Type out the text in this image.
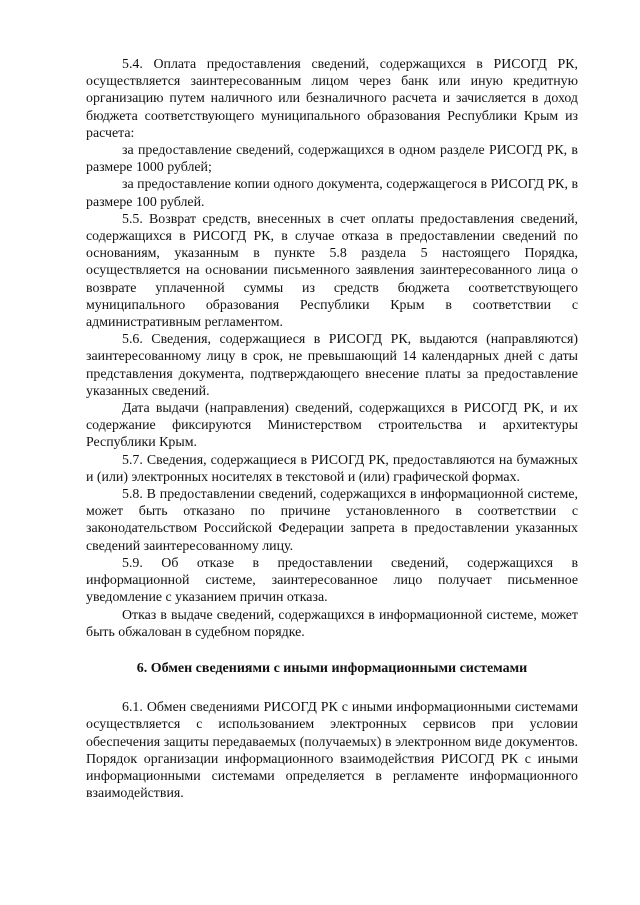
5.4. Оплата предоставления сведений, содержащихся в РИСОГД РК, осуществляется заинтересованным лицом через банк или иную кредитную организацию путем наличного или безналичного расчета и зачисляется в доход бюджета соответствующего муниципального образования Республики Крым из расчета:

за предоставление сведений, содержащихся в одном разделе РИСОГД РК, в размере 1000 рублей;

за предоставление копии одного документа, содержащегося в РИСОГД РК, в размере 100 рублей.

5.5. Возврат средств, внесенных в счет оплаты предоставления сведений, содержащихся в РИСОГД РК, в случае отказа в предоставлении сведений по основаниям, указанным в пункте 5.8 раздела 5 настоящего Порядка, осуществляется на основании письменного заявления заинтересованного лица о возврате уплаченной суммы из средств бюджета соответствующего муниципального образования Республики Крым в соответствии с административным регламентом.

5.6. Сведения, содержащиеся в РИСОГД РК, выдаются (направляются) заинтересованному лицу в срок, не превышающий 14 календарных дней с даты представления документа, подтверждающего внесение платы за предоставление указанных сведений.

Дата выдачи (направления) сведений, содержащихся в РИСОГД РК, и их содержание фиксируются Министерством строительства и архитектуры Республики Крым.

5.7. Сведения, содержащиеся в РИСОГД РК, предоставляются на бумажных и (или) электронных носителях в текстовой и (или) графической формах.

5.8. В предоставлении сведений, содержащихся в информационной системе, может быть отказано по причине установленного в соответствии с законодательством Российской Федерации запрета в предоставлении указанных сведений заинтересованному лицу.

5.9. Об отказе в предоставлении сведений, содержащихся в информационной системе, заинтересованное лицо получает письменное уведомление с указанием причин отказа.

Отказ в выдаче сведений, содержащихся в информационной системе, может быть обжалован в судебном порядке.

6. Обмен сведениями с иными информационными системами

6.1. Обмен сведениями РИСОГД РК с иными информационными системами осуществляется с использованием электронных сервисов при условии обеспечения защиты передаваемых (получаемых) в электронном виде документов. Порядок организации информационного взаимодействия РИСОГД РК с иными информационными системами определяется в регламенте информационного взаимодействия.
